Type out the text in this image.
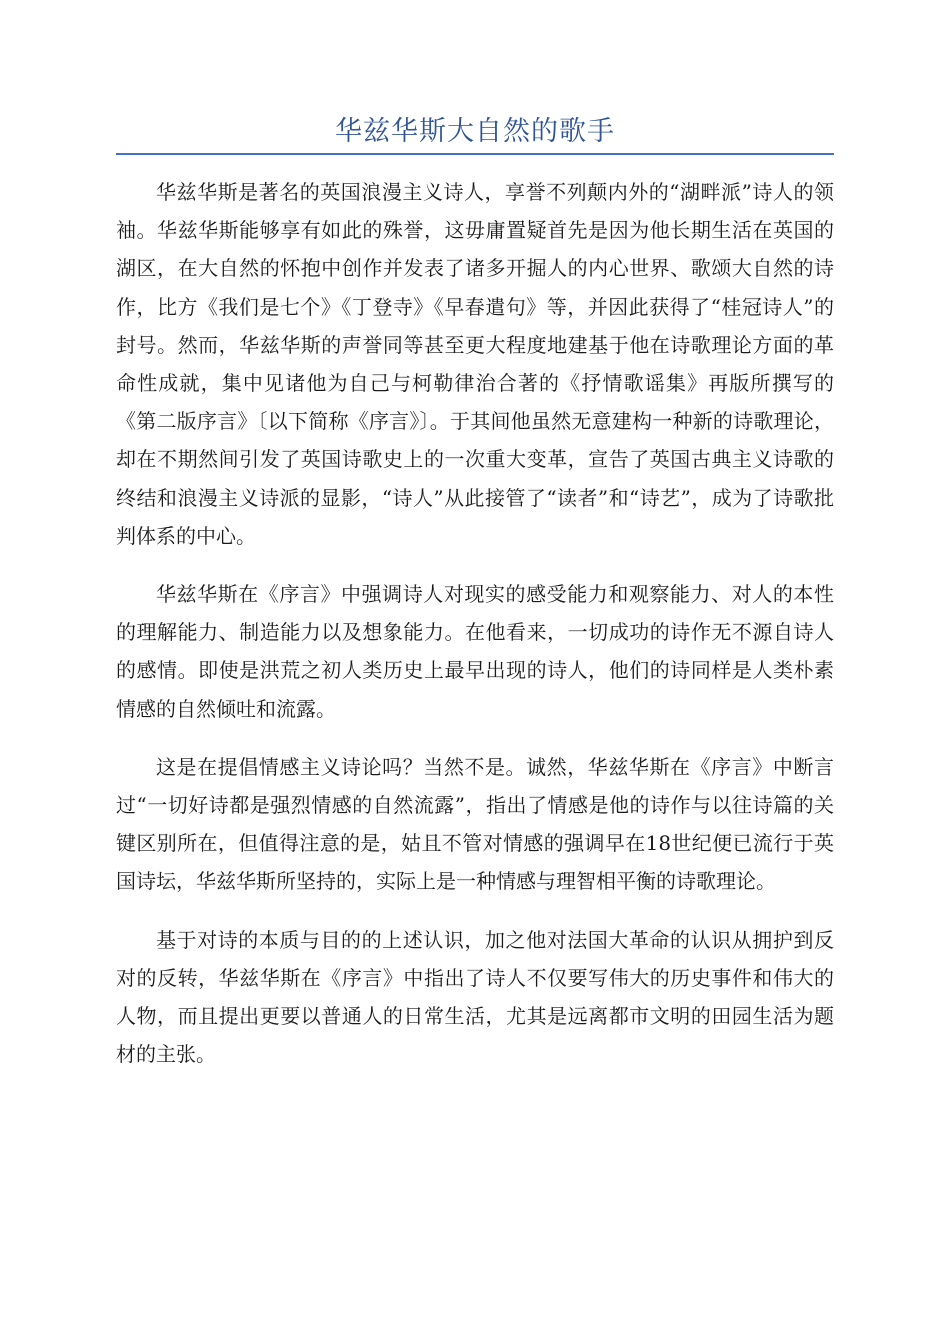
华兹华斯大自然的歌手

华兹华斯是著名的英国浪漫主义诗人，享誉不列颠内外的“湖畔派”诗人的领袖。华兹华斯能够享有如此的殊誉，这毋庸置疑首先是因为他长期生活在英国的湖区，在大自然的怀抱中创作并发表了诸多开掘人的内心世界、歌颂大自然的诗作，比方《我们是七个》《丁登寺》《早春遣句》等，并因此获得了“桂冠诗人”的封号。然而，华兹华斯的声誉同等甚至更大程度地建基于他在诗歌理论方面的革命性成就，集中见诸他为自己与柯勒律治合著的《抒情歌谣集》再版所撰写的《第二版序言》〔以下简称《序言》〕。于其间他虽然无意建构一种新的诗歌理论，却在不期然间引发了英国诗歌史上的一次重大变革，宣告了英国古典主义诗歌的终结和浪漫主义诗派的显影，“诗人”从此接管了“读者”和“诗艺”，成为了诗歌批判体系的中心。

华兹华斯在《序言》中强调诗人对现实的感受能力和观察能力、对人的本性的理解能力、制造能力以及想象能力。在他看来，一切成功的诗作无不源自诗人的感情。即使是洪荒之初人类历史上最早出现的诗人，他们的诗同样是人类朴素情感的自然倾吐和流露。

这是在提倡情感主义诗论吗？当然不是。诚然，华兹华斯在《序言》中断言过“一切好诗都是强烈情感的自然流露”，指出了情感是他的诗作与以往诗篇的关键区别所在，但值得注意的是，姑且不管对情感的强调早在18世纪便已流行于英国诗坛，华兹华斯所坚持的，实际上是一种情感与理智相平衡的诗歌理论。

基于对诗的本质与目的的上述认识，加之他对法国大革命的认识从拥护到反对的反转，华兹华斯在《序言》中指出了诗人不仅要写伟大的历史事件和伟大的人物，而且提出更要以普通人的日常生活，尤其是远离都市文明的田园生活为题材的主张。
